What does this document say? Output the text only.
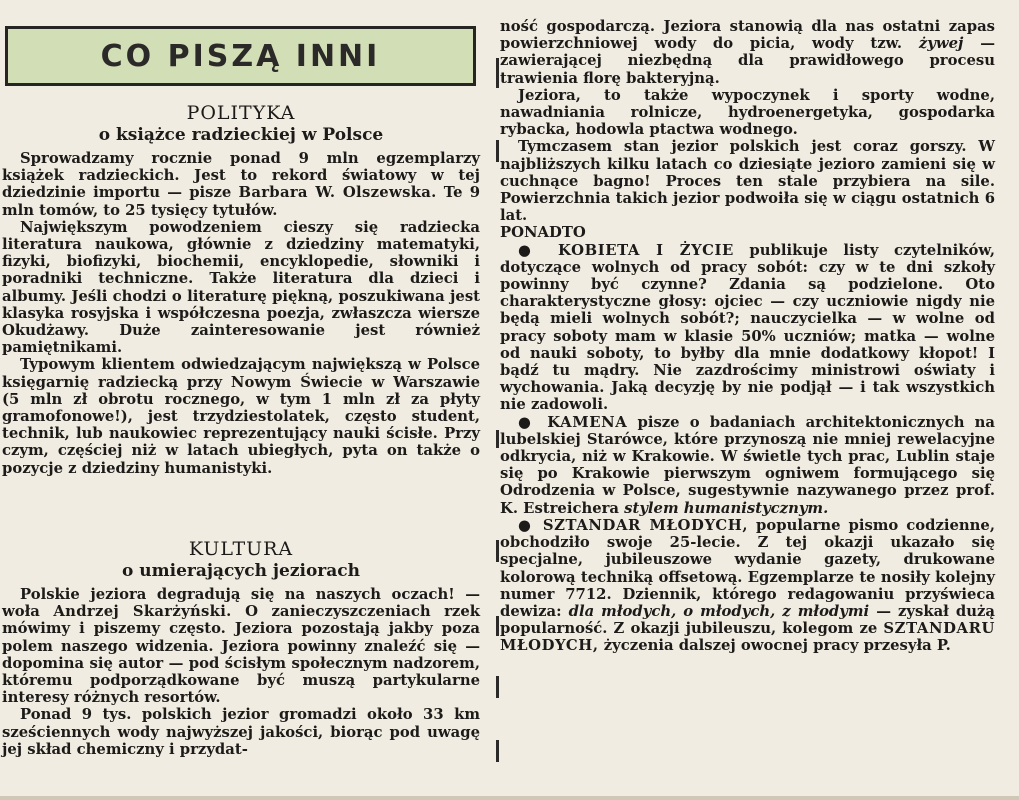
CO PISZĄ INNI
POLITYKA
o książce radzieckiej w Polsce

Sprowadzamy rocznie ponad 9 mln egzemplarzy książek radzieckich. Jest to rekord światowy w tej dziedzinie importu — pisze Barbara W. Olszewska. Te 9 mln tomów, to 25 tysięcy tytułów.

Największym powodzeniem cieszy się radziecka literatura naukowa, głównie z dziedziny matematyki, fizyki, biofizyki, biochemii, encyklopedie, słowniki i poradniki techniczne. Także literatura dla dzieci i albumy. Jeśli chodzi o literaturę piękną, poszukiwana jest klasyka rosyjska i współczesna poezja, zwłaszcza wiersze Okudżawy. Duże zainteresowanie jest również pamiętnikami.

Typowym klientem odwiedzającym największą w Polsce księgarnię radziecką przy Nowym Świecie w Warszawie (5 mln zł obrotu rocznego, w tym 1 mln zł za płyty gramofonowe!), jest trzydziestolatek, często student, technik, lub naukowiec reprezentujący nauki ścisłe. Przy czym, częściej niż w latach ubiegłych, pyta on także o pozycje z dziedziny humanistyki.

KULTURA
o umierających jeziorach

Polskie jeziora degradują się na naszych oczach! — woła Andrzej Skarżyński. O zanieczyszczeniach rzek mówimy i piszemy często. Jeziora pozostają jakby poza polem naszego widzenia. Jeziora powinny znaleźć się — dopomina się autor — pod ścisłym społecznym nadzorem, któremu podporządkowane być muszą partykularne interesy różnych resortów.

Ponad 9 tys. polskich jezior gromadzi około 33 km sześciennych wody najwyższej jakości, biorąc pod uwagę jej skład chemiczny i przydat-

ność gospodarczą. Jeziora stanowią dla nas ostatni zapas powierzchniowej wody do picia, wody tzw. żywej — zawierającej niezbędną dla prawidłowego procesu trawienia florę bakteryjną.

Jeziora, to także wypoczynek i sporty wodne, nawadniania rolnicze, hydroenergetyka, gospodarka rybacka, hodowla ptactwa wodnego.

Tymczasem stan jezior polskich jest coraz gorszy. W najbliższych kilku latach co dziesiąte jezioro zamieni się w cuchnące bagno! Proces ten stale przybiera na sile. Powierzchnia takich jezior podwoiła się w ciągu ostatnich 6 lat.

PONADTO

● KOBIETA I ŻYCIE publikuje listy czytelników, dotyczące wolnych od pracy sobót: czy w te dni szkoły powinny być czynne? Zdania są podzielone. Oto charakterystyczne głosy: ojciec — czy uczniowie nigdy nie będą mieli wolnych sobót?; nauczycielka — w wolne od pracy soboty mam w klasie 50% uczniów; matka — wolne od nauki soboty, to byłby dla mnie dodatkowy kłopot! I bądź tu mądry. Nie zazdrościmy ministrowi oświaty i wychowania. Jaką decyzję by nie podjął — i tak wszystkich nie zadowoli.

● KAMENA pisze o badaniach architektonicznych na lubelskiej Starówce, które przynoszą nie mniej rewelacyjne odkrycia, niż w Krakowie. W świetle tych prac, Lublin staje się po Krakowie pierwszym ogniwem formującego się Odrodzenia w Polsce, sugestywnie nazywanego przez prof. K. Estreichera stylem humanistycznym.

● SZTANDAR MŁODYCH, popularne pismo codzienne, obchodziło swoje 25-lecie. Z tej okazji ukazało się specjalne, jubileuszowe wydanie gazety, drukowane kolorową techniką offsetową. Egzemplarze te nosiły kolejny numer 7712. Dziennik, którego redagowaniu przyświeca dewiza: dla młodych, o młodych, z młodymi — zyskał dużą popularność. Z okazji jubileuszu, kolegom ze SZTANDARU MŁODYCH, życzenia dalszej owocnej pracy przesyła P.
